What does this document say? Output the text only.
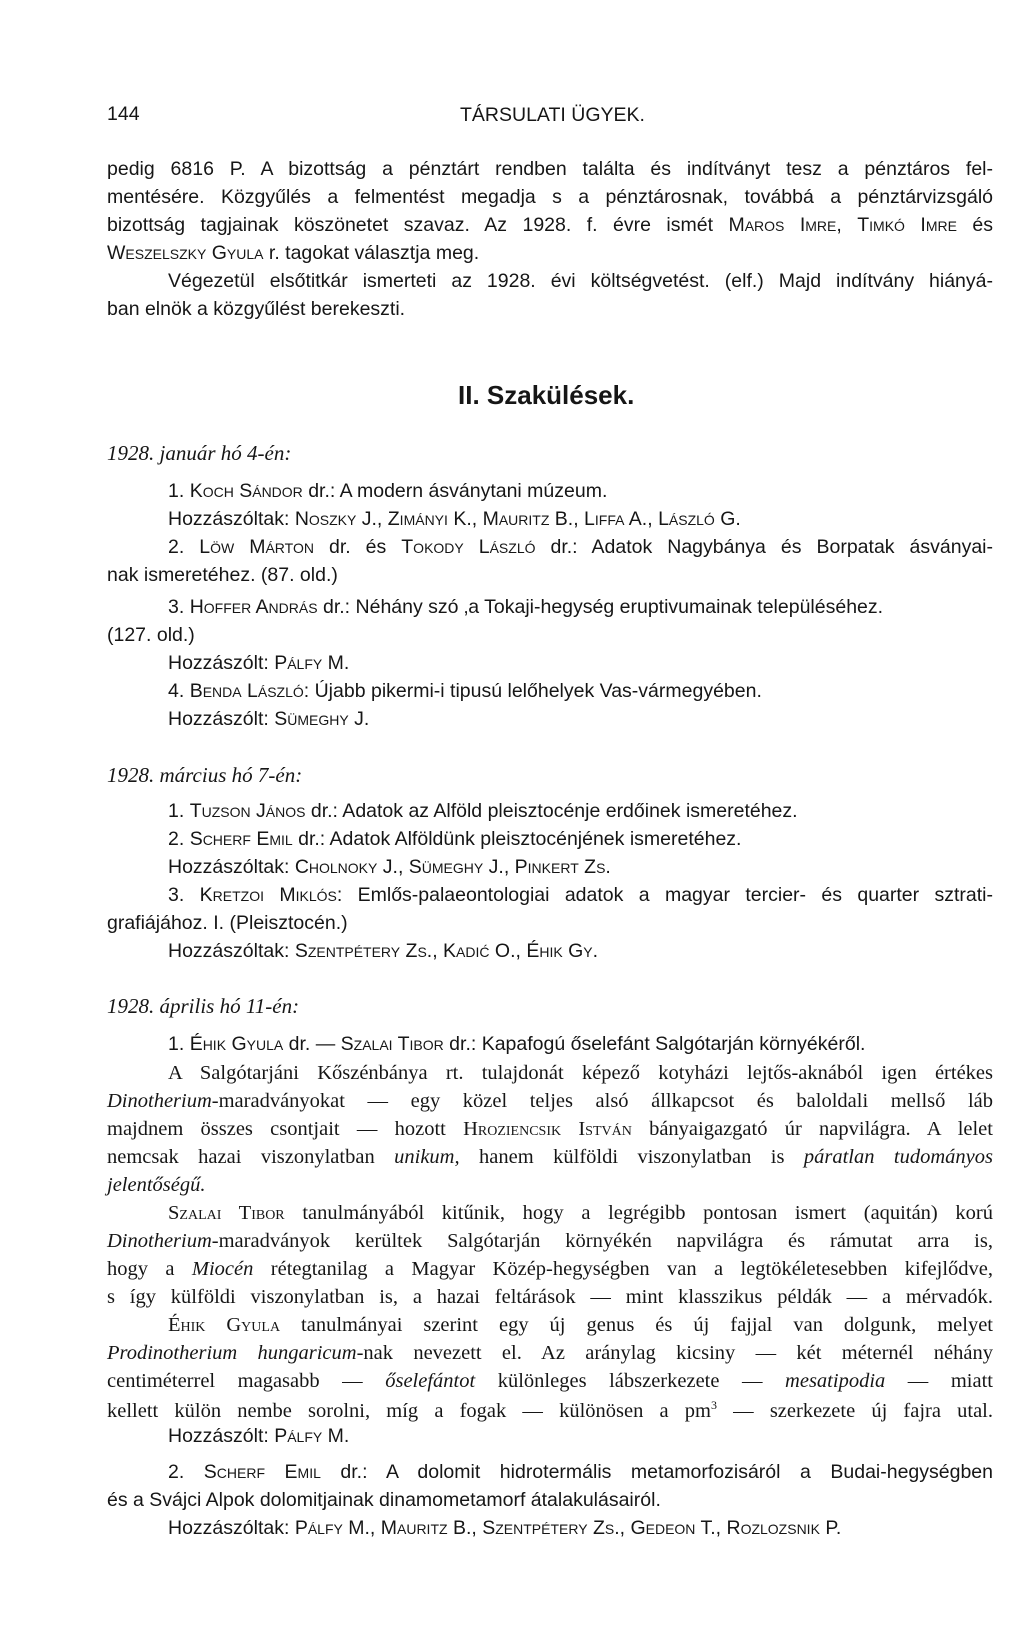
144	TÁRSULATI ÜGYEK.
pedig 6816 P. A bizottság a pénztárt rendben találta és indítványt tesz a pénztáros fel-
mentésére. Közgyűlés a felmentést megadja s a pénztárosnak, továbbá a pénztárvizsgáló
bizottság tagjainak köszönetet szavaz. Az 1928. f. évre ismét Maros Imre, Timkó Imre és
Weszelszky Gyula r. tagokat választja meg.
Végezetül elsőtitkár ismerteti az 1928. évi költségvetést. (elf.) Majd indítvány hiányá-
ban elnök a közgyűlést berekeszti.
II. Szakülések.
1928. január hó 4-én:
1. Koch Sándor dr.: A modern ásványtani múzeum.
Hozzászóltak: Noszky J., Zimányi K., Mauritz B., Liffa A., László G.
2. Löw Márton dr. és Tokody László dr.: Adatok Nagybánya és Borpatak ásványai-
nak ismeretéhez. (87. old.)
3. Hoffer András dr.: Néhány szó ‚a Tokaji-hegység eruptivumainak településéhez.
(127. old.)
Hozzászólt: Pálfy M.
4. Benda László: Újabb pikermi-i tipusú lelőhelyek Vas-vármegyében.
Hozzászólt: Sümeghy J.
1928. március hó 7-én:
1. Tuzson János dr.: Adatok az Alföld pleisztocénje erdőinek ismeretéhez.
2. Scherf Emil dr.: Adatok Alföldünk pleisztocénjének ismeretéhez.
Hozzászóltak: Cholnoky J., Sümeghy J., Pinkert Zs.
3. Kretzoi Miklós: Emlős-palaeontologiai adatok a magyar tercier- és quarter sztrati-
grafiájához. I. (Pleisztocén.)
Hozzászóltak: Szentpétery Zs., Kadić O., Éhik Gy.
1928. április hó 11-én:
1. Éhik Gyula dr. — Szalai Tibor dr.: Kapafogú őselefánt Salgótarján környékéről.
A Salgótarjáni Kőszénbánya rt. tulajdonát képező kotyházi lejtős-aknából igen értékes
Dinotherium-maradványokat — egy közel teljes alsó állkapcsot és baloldali mellső láb
majdnem összes csontjait — hozott Hroziencsik István bányaigazgató úr napvilágra. A lelet
nemcsak hazai viszonylatban unikum, hanem külföldi viszonylatban is páratlan tudományos
jelentőségű.
Szalai Tibor tanulmányából kitűnik, hogy a legrégibb pontosan ismert (aquitán) korú
Dinotherium-maradványok kerültek Salgótarján környékén napvilágra és rámutat arra is,
hogy a Miocén rétegtanilag a Magyar Közép-hegységben van a legtökéletesebben kifejlődve,
s így külföldi viszonylatban is, a hazai feltárások — mint klasszikus példák — a mérvadók.
Éhik Gyula tanulmányai szerint egy új genus és új fajjal van dolgunk, melyet
Prodinotherium hungaricum-nak nevezett el. Az aránylag kicsiny — két méternél néhány
centiméterrel magasabb — őselefántot különleges lábszerkezete — mesatipodia — miatt
kellett külön nembe sorolni, míg a fogak — különösen a $pm^3$ — szerkezete új fajra utal.
Hozzászólt: Pálfy M.
2. Scherf Emil dr.: A dolomit hidrotermális metamorfozisáról a Budai-hegységben
és a Svájci Alpok dolomitjainak dinamometamorf átalakulásairól.
Hozzászóltak: Pálfy M., Mauritz B., Szentpétery Zs., Gedeon T., Rozlozsnik P.
